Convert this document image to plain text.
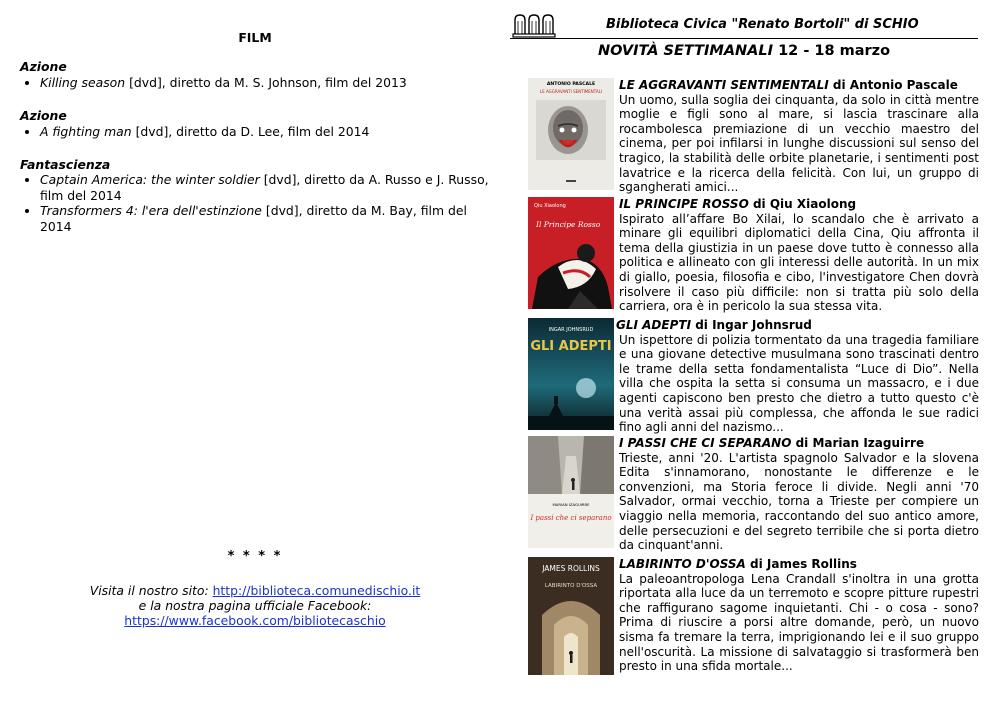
FILM
Azione
• Killing season [dvd], diretto da M. S. Johnson, film del 2013
Azione
• A fighting man [dvd], diretto da D. Lee, film del 2014
Fantascienza
• Captain America: the winter soldier [dvd], diretto da A. Russo e J. Russo, film del 2014
• Transformers 4: l'era dell'estinzione [dvd], diretto da M. Bay, film del 2014
* * * *
Visita il nostro sito: http://biblioteca.comunedischio.it
e la nostra pagina ufficiale Facebook:
https://www.facebook.com/bibliotecaschio
Biblioteca Civica "Renato Bortoli" di SCHIO
NOVITÀ SETTIMANALI 12 - 18 marzo
ANTONIO PASCALE
LE AGGRAVANTI SENTIMENTALI LE AGGRAVANTI SENTIMENTALI di Antonio Pascale
Un uomo, sulla soglia dei cinquanta, da solo in città mentre moglie e figli sono al mare, si lascia trascinare alla rocambolesca premiazione di un vecchio maestro del cinema, per poi infilarsi in lunghe discussioni sul senso del tragico, la stabilità delle orbite planetarie, i sentimenti post lavatrice e la ricerca della felicità. Con lui, un gruppo di sgangherati amici...
Qiu Xiaolong
Il Principe Rosso
IL PRINCIPE ROSSO di Qiu Xiaolong
Ispirato all’affare Bo Xilai, lo scandalo che è arrivato a minare gli equilibri diplomatici della Cina, Qiu affronta il tema della giustizia in un paese dove tutto è connesso alla politica e allineato con gli interessi delle autorità. In un mix di giallo, poesia, filosofia e cibo, l'investigatore Chen dovrà risolvere il caso più difficile: non si tratta più solo della carriera, ora è in pericolo la sua stessa vita.
INGAR JOHNSRUD
GLI ADEPTI
GLI ADEPTI di Ingar Johnsrud
Un ispettore di polizia tormentato da una tragedia familiare e una giovane detective musulmana sono trascinati dentro le trame della setta fondamentalista “Luce di Dio”. Nella villa che ospita la setta si consuma un massacro, e i due agenti capiscono ben presto che dietro a tutto questo c'è una verità assai più complessa, che affonda le sue radici fino agli anni del nazismo...
MARIAN IZAGUIRRE
I passi che ci separano
I PASSI CHE CI SEPARANO di Marian Izaguirre
Trieste, anni '20. L'artista spagnolo Salvador e la slovena Edita s'innamorano, nonostante le differenze e le convenzioni, ma Storia feroce li divide. Negli anni '70 Salvador, ormai vecchio, torna a Trieste per compiere un viaggio nella memoria, raccontando del suo antico amore, delle persecuzioni e del segreto terribile che si porta dietro da cinquant'anni.
JAMES ROLLINS
LABIRINTO D'OSSA
LABIRINTO D'OSSA di James Rollins
La paleoantropologa Lena Crandall s'inoltra in una grotta riportata alla luce da un terremoto e scopre pitture rupestri che raffigurano sagome inquietanti. Chi - o cosa - sono? Prima di riuscire a porsi altre domande, però, un nuovo sisma fa tremare la terra, imprigionando lei e il suo gruppo nell'oscurità. La missione di salvataggio si trasformerà ben presto in una sfida mortale...
